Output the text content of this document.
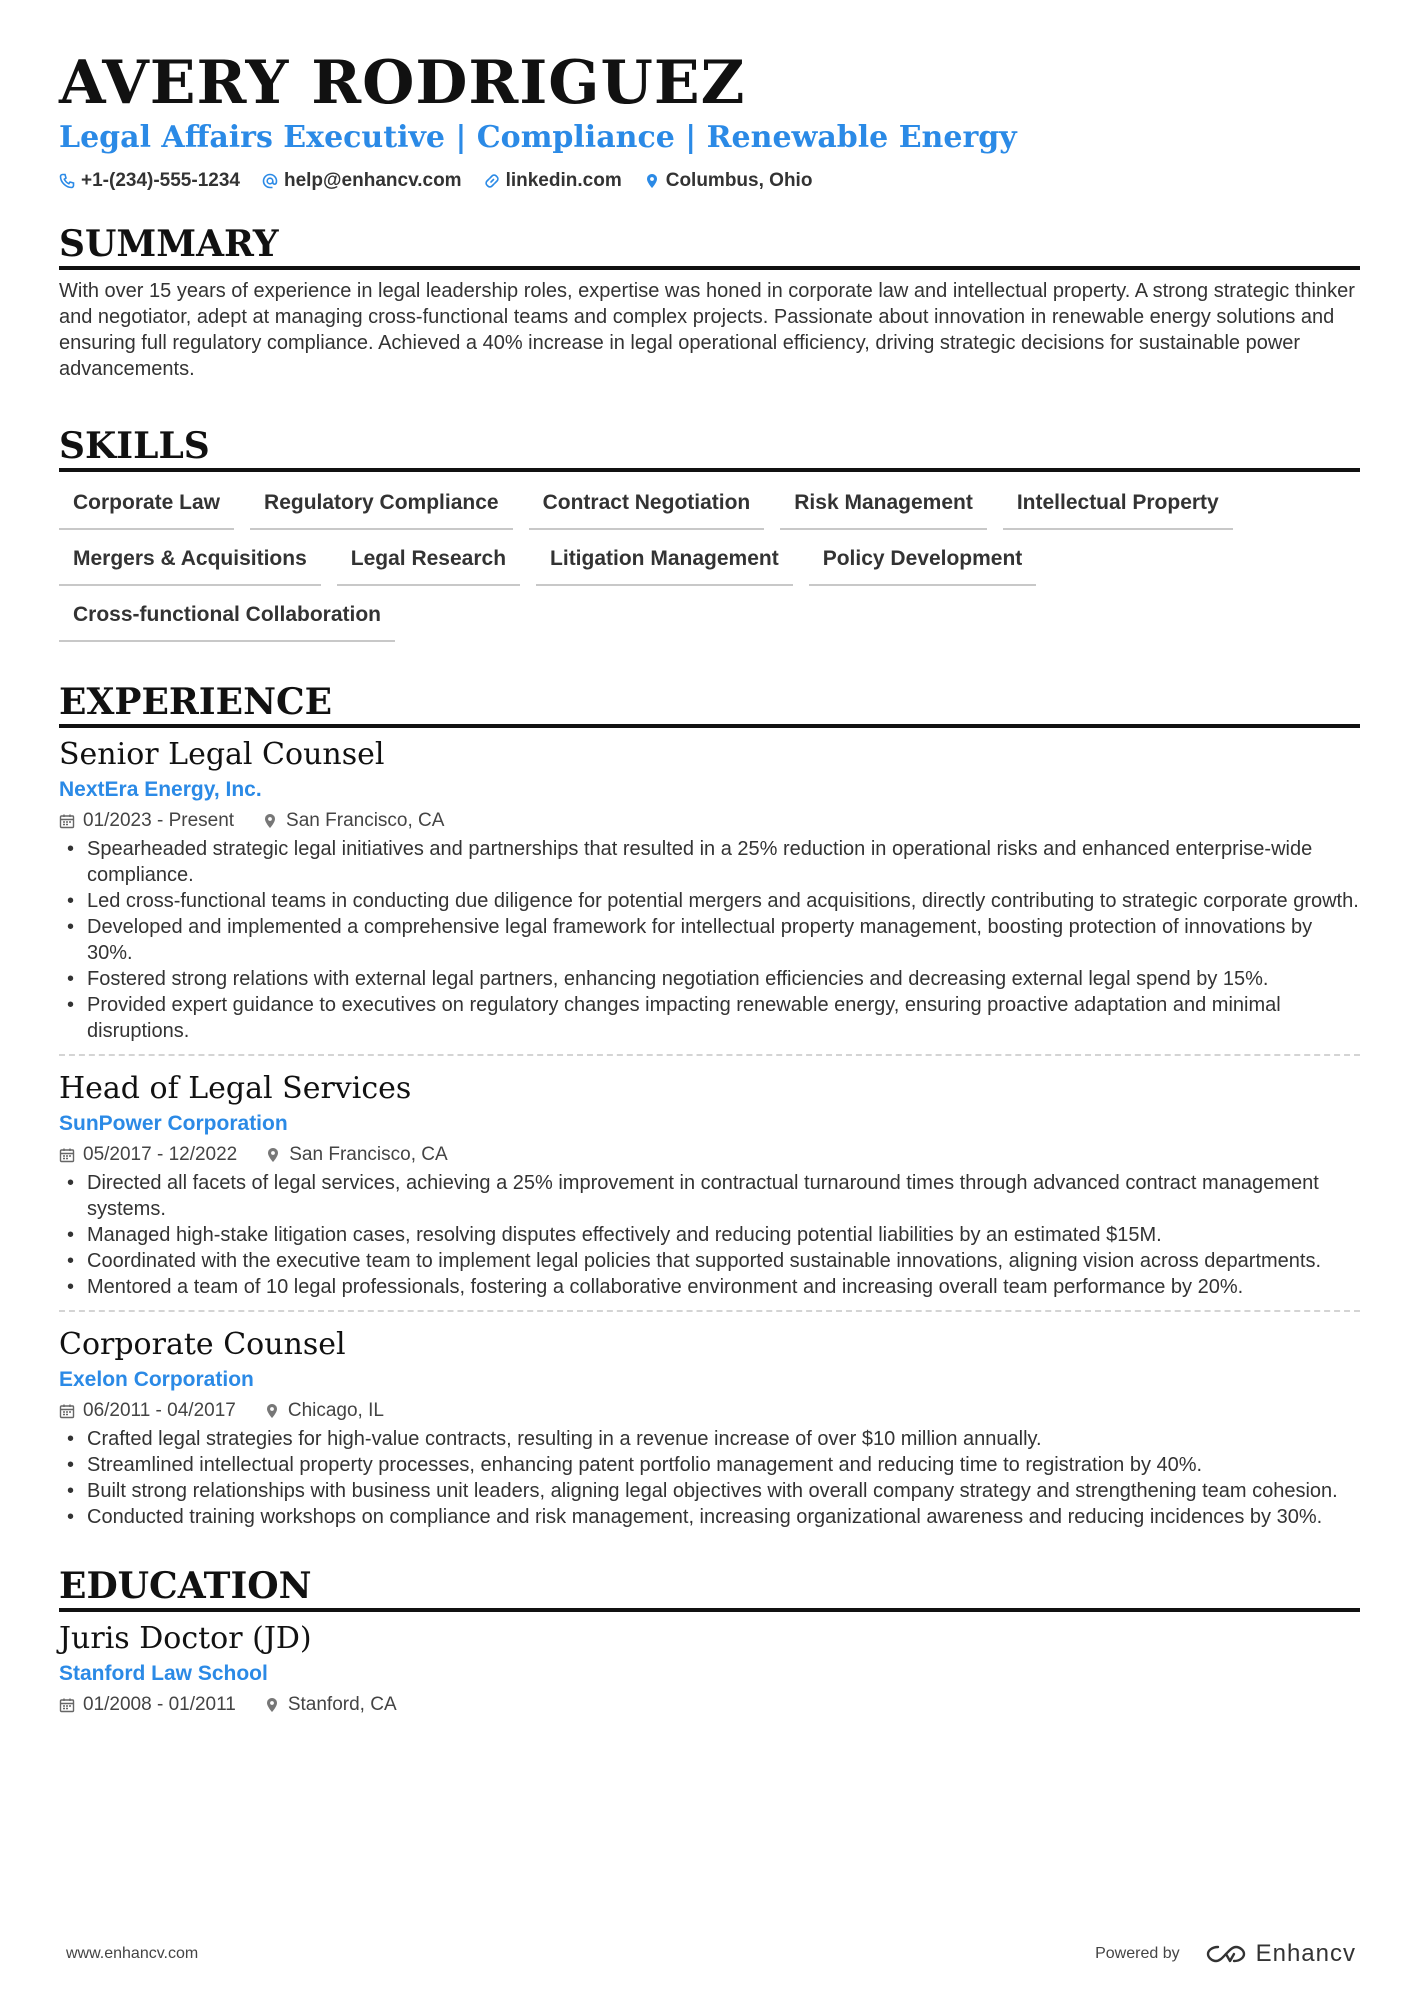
AVERY RODRIGUEZ
Legal Affairs Executive | Compliance | Renewable Energy
+1-(234)-555-1234 help@enhancv.com linkedin.com Columbus, Ohio
SUMMARY

With over 15 years of experience in legal leadership roles, expertise was honed in corporate law and intellectual property. A strong strategic thinker and negotiator, adept at managing cross-functional teams and complex projects. Passionate about innovation in renewable energy solutions and ensuring full regulatory compliance. Achieved a 40% increase in legal operational efficiency, driving strategic decisions for sustainable power advancements.

SKILLS
Corporate Law	Regulatory Compliance	Contract Negotiation	Risk Management	Intellectual Property
Mergers & Acquisitions	Legal Research	Litigation Management	Policy Development
Cross-functional Collaboration
EXPERIENCE
Senior Legal Counsel
NextEra Energy, Inc.
01/2023 - Present	San Francisco, CA
• Spearheaded strategic legal initiatives and partnerships that resulted in a 25% reduction in operational risks and enhanced enterprise-wide compliance.
• Led cross-functional teams in conducting due diligence for potential mergers and acquisitions, directly contributing to strategic corporate growth.
• Developed and implemented a comprehensive legal framework for intellectual property management, boosting protection of innovations by 30%.
• Fostered strong relations with external legal partners, enhancing negotiation efficiencies and decreasing external legal spend by 15%.
• Provided expert guidance to executives on regulatory changes impacting renewable energy, ensuring proactive adaptation and minimal disruptions.
Head of Legal Services
SunPower Corporation
05/2017 - 12/2022	San Francisco, CA
• Directed all facets of legal services, achieving a 25% improvement in contractual turnaround times through advanced contract management systems.
• Managed high-stake litigation cases, resolving disputes effectively and reducing potential liabilities by an estimated $15M.
• Coordinated with the executive team to implement legal policies that supported sustainable innovations, aligning vision across departments.
• Mentored a team of 10 legal professionals, fostering a collaborative environment and increasing overall team performance by 20%.
Corporate Counsel
Exelon Corporation
06/2011 - 04/2017	Chicago, IL
• Crafted legal strategies for high-value contracts, resulting in a revenue increase of over $10 million annually.
• Streamlined intellectual property processes, enhancing patent portfolio management and reducing time to registration by 40%.
• Built strong relationships with business unit leaders, aligning legal objectives with overall company strategy and strengthening team cohesion.
• Conducted training workshops on compliance and risk management, increasing organizational awareness and reducing incidences by 30%.
EDUCATION
Juris Doctor (JD)
Stanford Law School
01/2008 - 01/2011	Stanford, CA
www.enhancv.com	Powered by	Enhancv
